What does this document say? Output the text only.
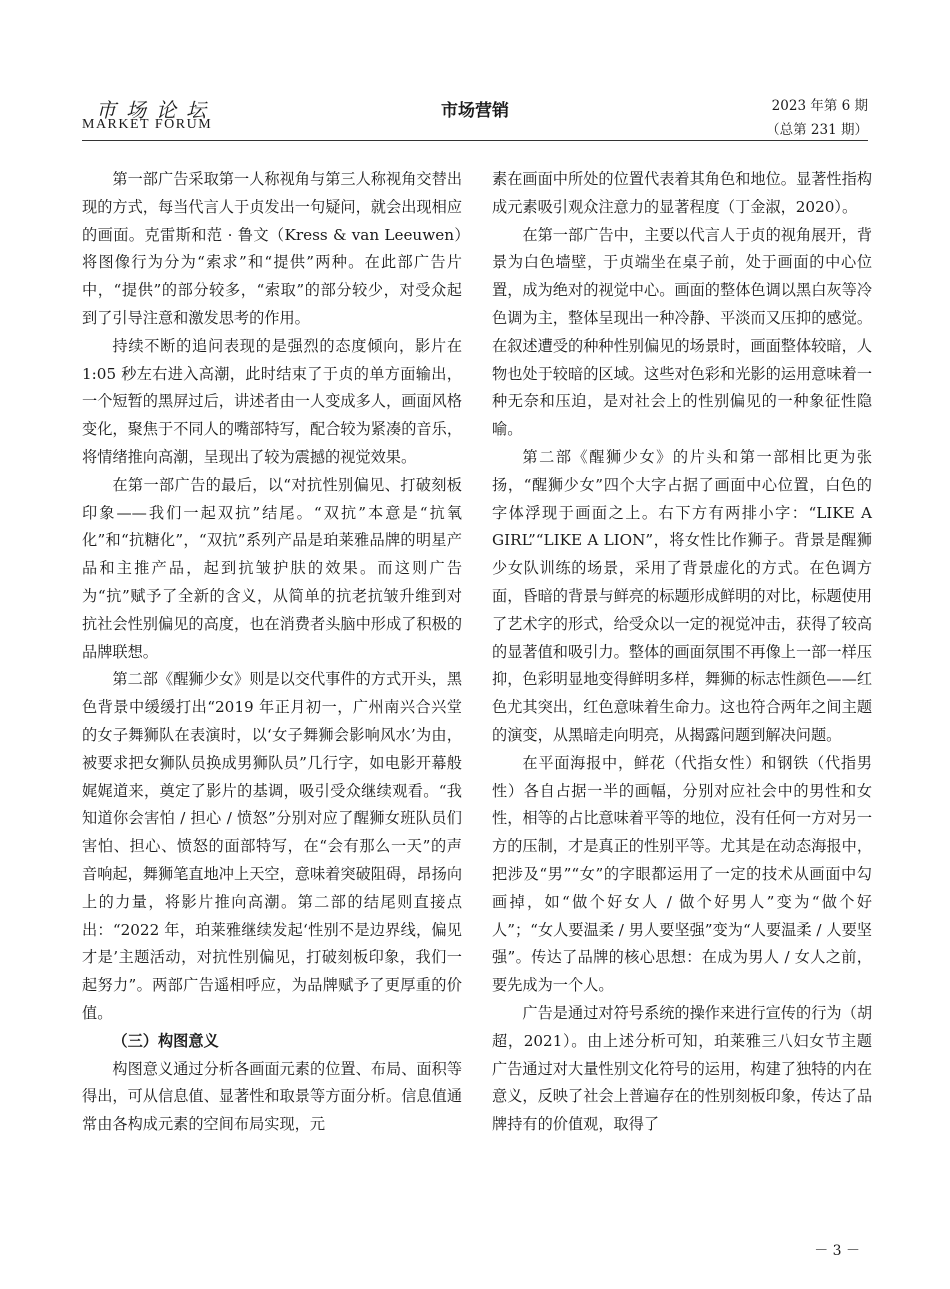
市场论坛
MARKET FORUM
市场营销	2023 年第 6 期
（总第 231 期）

第一部广告采取第一人称视角与第三人称视角交替出现的方式，每当代言人于贞发出一句疑问，就会出现相应的画面。克雷斯和范 · 鲁文（Kress & van Leeuwen）将图像行为分为“索求”和“提供”两种。在此部广告片中，“提供”的部分较多，“索取”的部分较少，对受众起到了引导注意和激发思考的作用。

持续不断的追问表现的是强烈的态度倾向，影片在 1:05 秒左右进入高潮，此时结束了于贞的单方面输出，一个短暂的黑屏过后，讲述者由一人变成多人，画面风格变化，聚焦于不同人的嘴部特写，配合较为紧凑的音乐，将情绪推向高潮，呈现出了较为震撼的视觉效果。

在第一部广告的最后，以“对抗性别偏见、打破刻板印象——我们一起双抗”结尾。“双抗”本意是“抗氧化”和“抗糖化”，“双抗”系列产品是珀莱雅品牌的明星产品和主推产品，起到抗皱护肤的效果。而这则广告为“抗”赋予了全新的含义，从简单的抗老抗皱升维到对抗社会性别偏见的高度，也在消费者头脑中形成了积极的品牌联想。

第二部《醒狮少女》则是以交代事件的方式开头，黑色背景中缓缓打出“2019 年正月初一，广州南兴合兴堂的女子舞狮队在表演时，以‘女子舞狮会影响风水’为由，被要求把女狮队员换成男狮队员”几行字，如电影开幕般娓娓道来，奠定了影片的基调，吸引受众继续观看。“我知道你会害怕 / 担心 / 愤怒”分别对应了醒狮女班队员们害怕、担心、愤怒的面部特写，在“会有那么一天”的声音响起，舞狮笔直地冲上天空，意味着突破阻碍，昂扬向上的力量，将影片推向高潮。第二部的结尾则直接点出：“2022 年，珀莱雅继续发起‘性别不是边界线，偏见才是’主题活动，对抗性别偏见，打破刻板印象，我们一起努力”。两部广告遥相呼应，为品牌赋予了更厚重的价值。

（三）构图意义

构图意义通过分析各画面元素的位置、布局、面积等得出，可从信息值、显著性和取景等方面分析。信息值通常由各构成元素的空间布局实现，元

素在画面中所处的位置代表着其角色和地位。显著性指构成元素吸引观众注意力的显著程度（丁金淑，2020）。

在第一部广告中，主要以代言人于贞的视角展开，背景为白色墙壁，于贞端坐在桌子前，处于画面的中心位置，成为绝对的视觉中心。画面的整体色调以黑白灰等冷色调为主，整体呈现出一种冷静、平淡而又压抑的感觉。在叙述遭受的种种性别偏见的场景时，画面整体较暗，人物也处于较暗的区域。这些对色彩和光影的运用意味着一种无奈和压迫，是对社会上的性别偏见的一种象征性隐喻。

第二部《醒狮少女》的片头和第一部相比更为张扬，“醒狮少女”四个大字占据了画面中心位置，白色的字体浮现于画面之上。右下方有两排小字：“LIKE A GIRL”“LIKE A LION”，将女性比作狮子。背景是醒狮少女队训练的场景，采用了背景虚化的方式。在色调方面，昏暗的背景与鲜亮的标题形成鲜明的对比，标题使用了艺术字的形式，给受众以一定的视觉冲击，获得了较高的显著值和吸引力。整体的画面氛围不再像上一部一样压抑，色彩明显地变得鲜明多样，舞狮的标志性颜色——红色尤其突出，红色意味着生命力。这也符合两年之间主题的演变，从黑暗走向明亮，从揭露问题到解决问题。

在平面海报中，鲜花（代指女性）和钢铁（代指男性）各自占据一半的画幅，分别对应社会中的男性和女性，相等的占比意味着平等的地位，没有任何一方对另一方的压制，才是真正的性别平等。尤其是在动态海报中，把涉及“男”“女”的字眼都运用了一定的技术从画面中勾画掉，如“做个好女人 / 做个好男人”变为“做个好人”；“女人要温柔 / 男人要坚强”变为“人要温柔 / 人要坚强”。传达了品牌的核心思想：在成为男人 / 女人之前，要先成为一个人。

广告是通过对符号系统的操作来进行宣传的行为（胡超，2021）。由上述分析可知，珀莱雅三八妇女节主题广告通过对大量性别文化符号的运用，构建了独特的内在意义，反映了社会上普遍存在的性别刻板印象，传达了品牌持有的价值观，取得了

－ 3 －
